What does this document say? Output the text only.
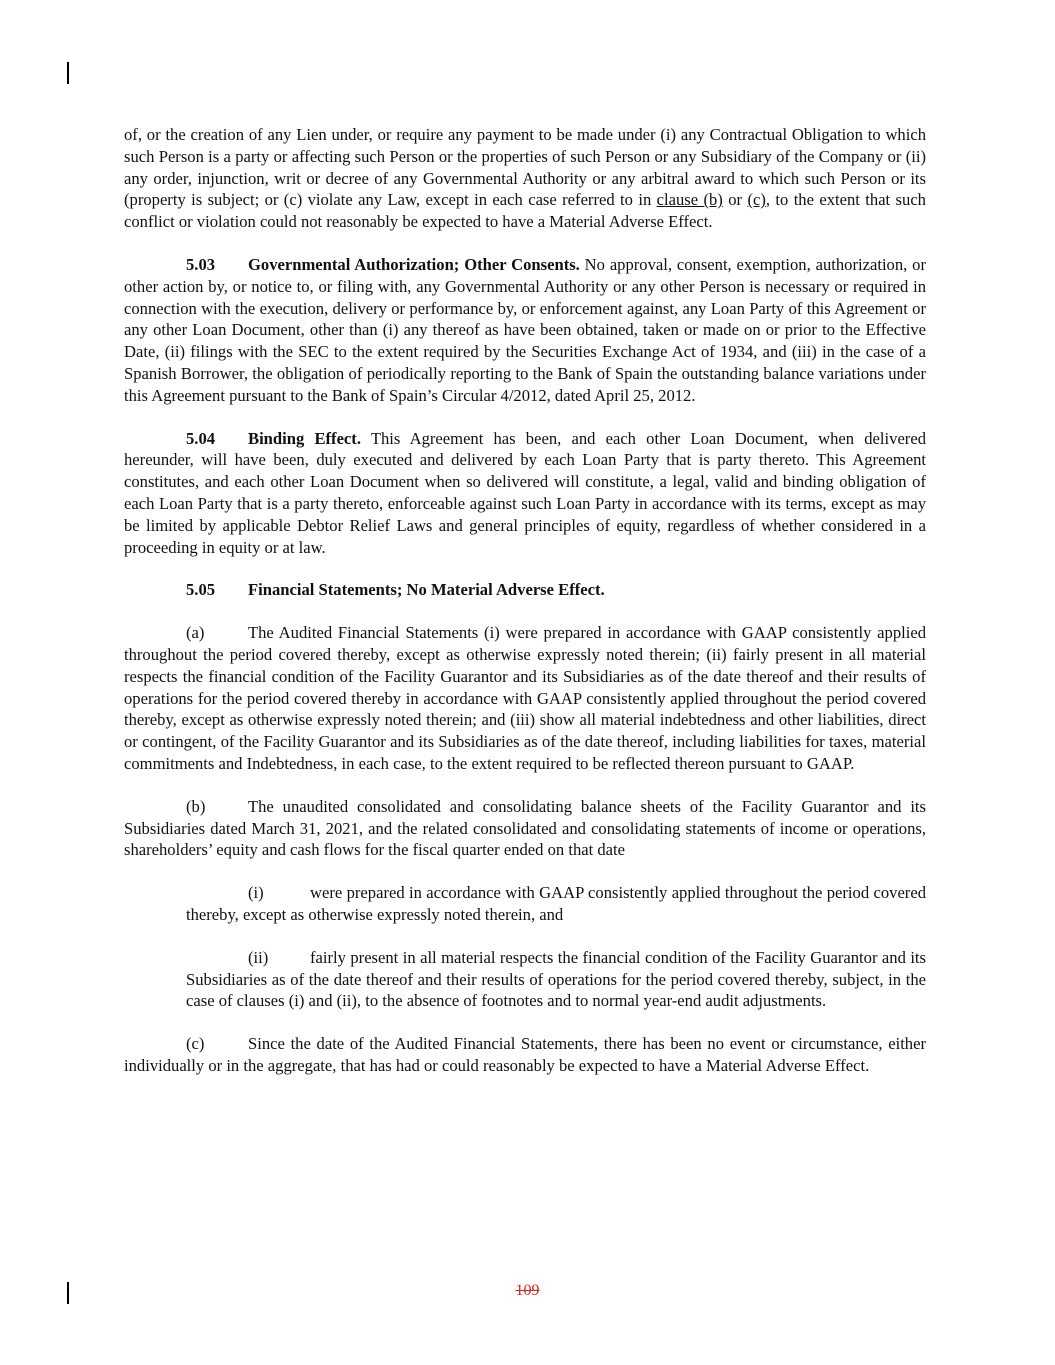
of, or the creation of any Lien under, or require any payment to be made under (i) any Contractual Obligation to which such Person is a party or affecting such Person or the properties of such Person or any Subsidiary of the Company or (ii) any order, injunction, writ or decree of any Governmental Authority or any arbitral award to which such Person or its (property is subject; or (c) violate any Law, except in each case referred to in clause (b) or (c), to the extent that such conflict or violation could not reasonably be expected to have a Material Adverse Effect.

5.03 Governmental Authorization; Other Consents. No approval, consent, exemption, authorization, or other action by, or notice to, or filing with, any Governmental Authority or any other Person is necessary or required in connection with the execution, delivery or performance by, or enforcement against, any Loan Party of this Agreement or any other Loan Document, other than (i) any thereof as have been obtained, taken or made on or prior to the Effective Date, (ii) filings with the SEC to the extent required by the Securities Exchange Act of 1934, and (iii) in the case of a Spanish Borrower, the obligation of periodically reporting to the Bank of Spain the outstanding balance variations under this Agreement pursuant to the Bank of Spain’s Circular 4/2012, dated April 25, 2012.

5.04 Binding Effect. This Agreement has been, and each other Loan Document, when delivered hereunder, will have been, duly executed and delivered by each Loan Party that is party thereto. This Agreement constitutes, and each other Loan Document when so delivered will constitute, a legal, valid and binding obligation of each Loan Party that is a party thereto, enforceable against such Loan Party in accordance with its terms, except as may be limited by applicable Debtor Relief Laws and general principles of equity, regardless of whether considered in a proceeding in equity or at law.

5.05 Financial Statements; No Material Adverse Effect.

(a)	The Audited Financial Statements (i) were prepared in accordance with GAAP consistently applied throughout the period covered thereby, except as otherwise expressly noted therein; (ii) fairly present in all material respects the financial condition of the Facility Guarantor and its Subsidiaries as of the date thereof and their results of operations for the period covered thereby in accordance with GAAP consistently applied throughout the period covered thereby, except as otherwise expressly noted therein; and (iii) show all material indebtedness and other liabilities, direct or contingent, of the Facility Guarantor and its Subsidiaries as of the date thereof, including liabilities for taxes, material commitments and Indebtedness, in each case, to the extent required to be reflected thereon pursuant to GAAP.

(b)	The unaudited consolidated and consolidating balance sheets of the Facility Guarantor and its Subsidiaries dated March 31, 2021, and the related consolidated and consolidating statements of income or operations, shareholders’ equity and cash flows for the fiscal quarter ended on that date

(i)	were prepared in accordance with GAAP consistently applied throughout the period covered thereby, except as otherwise expressly noted therein, and

(ii)	fairly present in all material respects the financial condition of the Facility Guarantor and its Subsidiaries as of the date thereof and their results of operations for the period covered thereby, subject, in the case of clauses (i) and (ii), to the absence of footnotes and to normal year-end audit adjustments.

(c)	Since the date of the Audited Financial Statements, there has been no event or circumstance, either individually or in the aggregate, that has had or could reasonably be expected to have a Material Adverse Effect.

109
